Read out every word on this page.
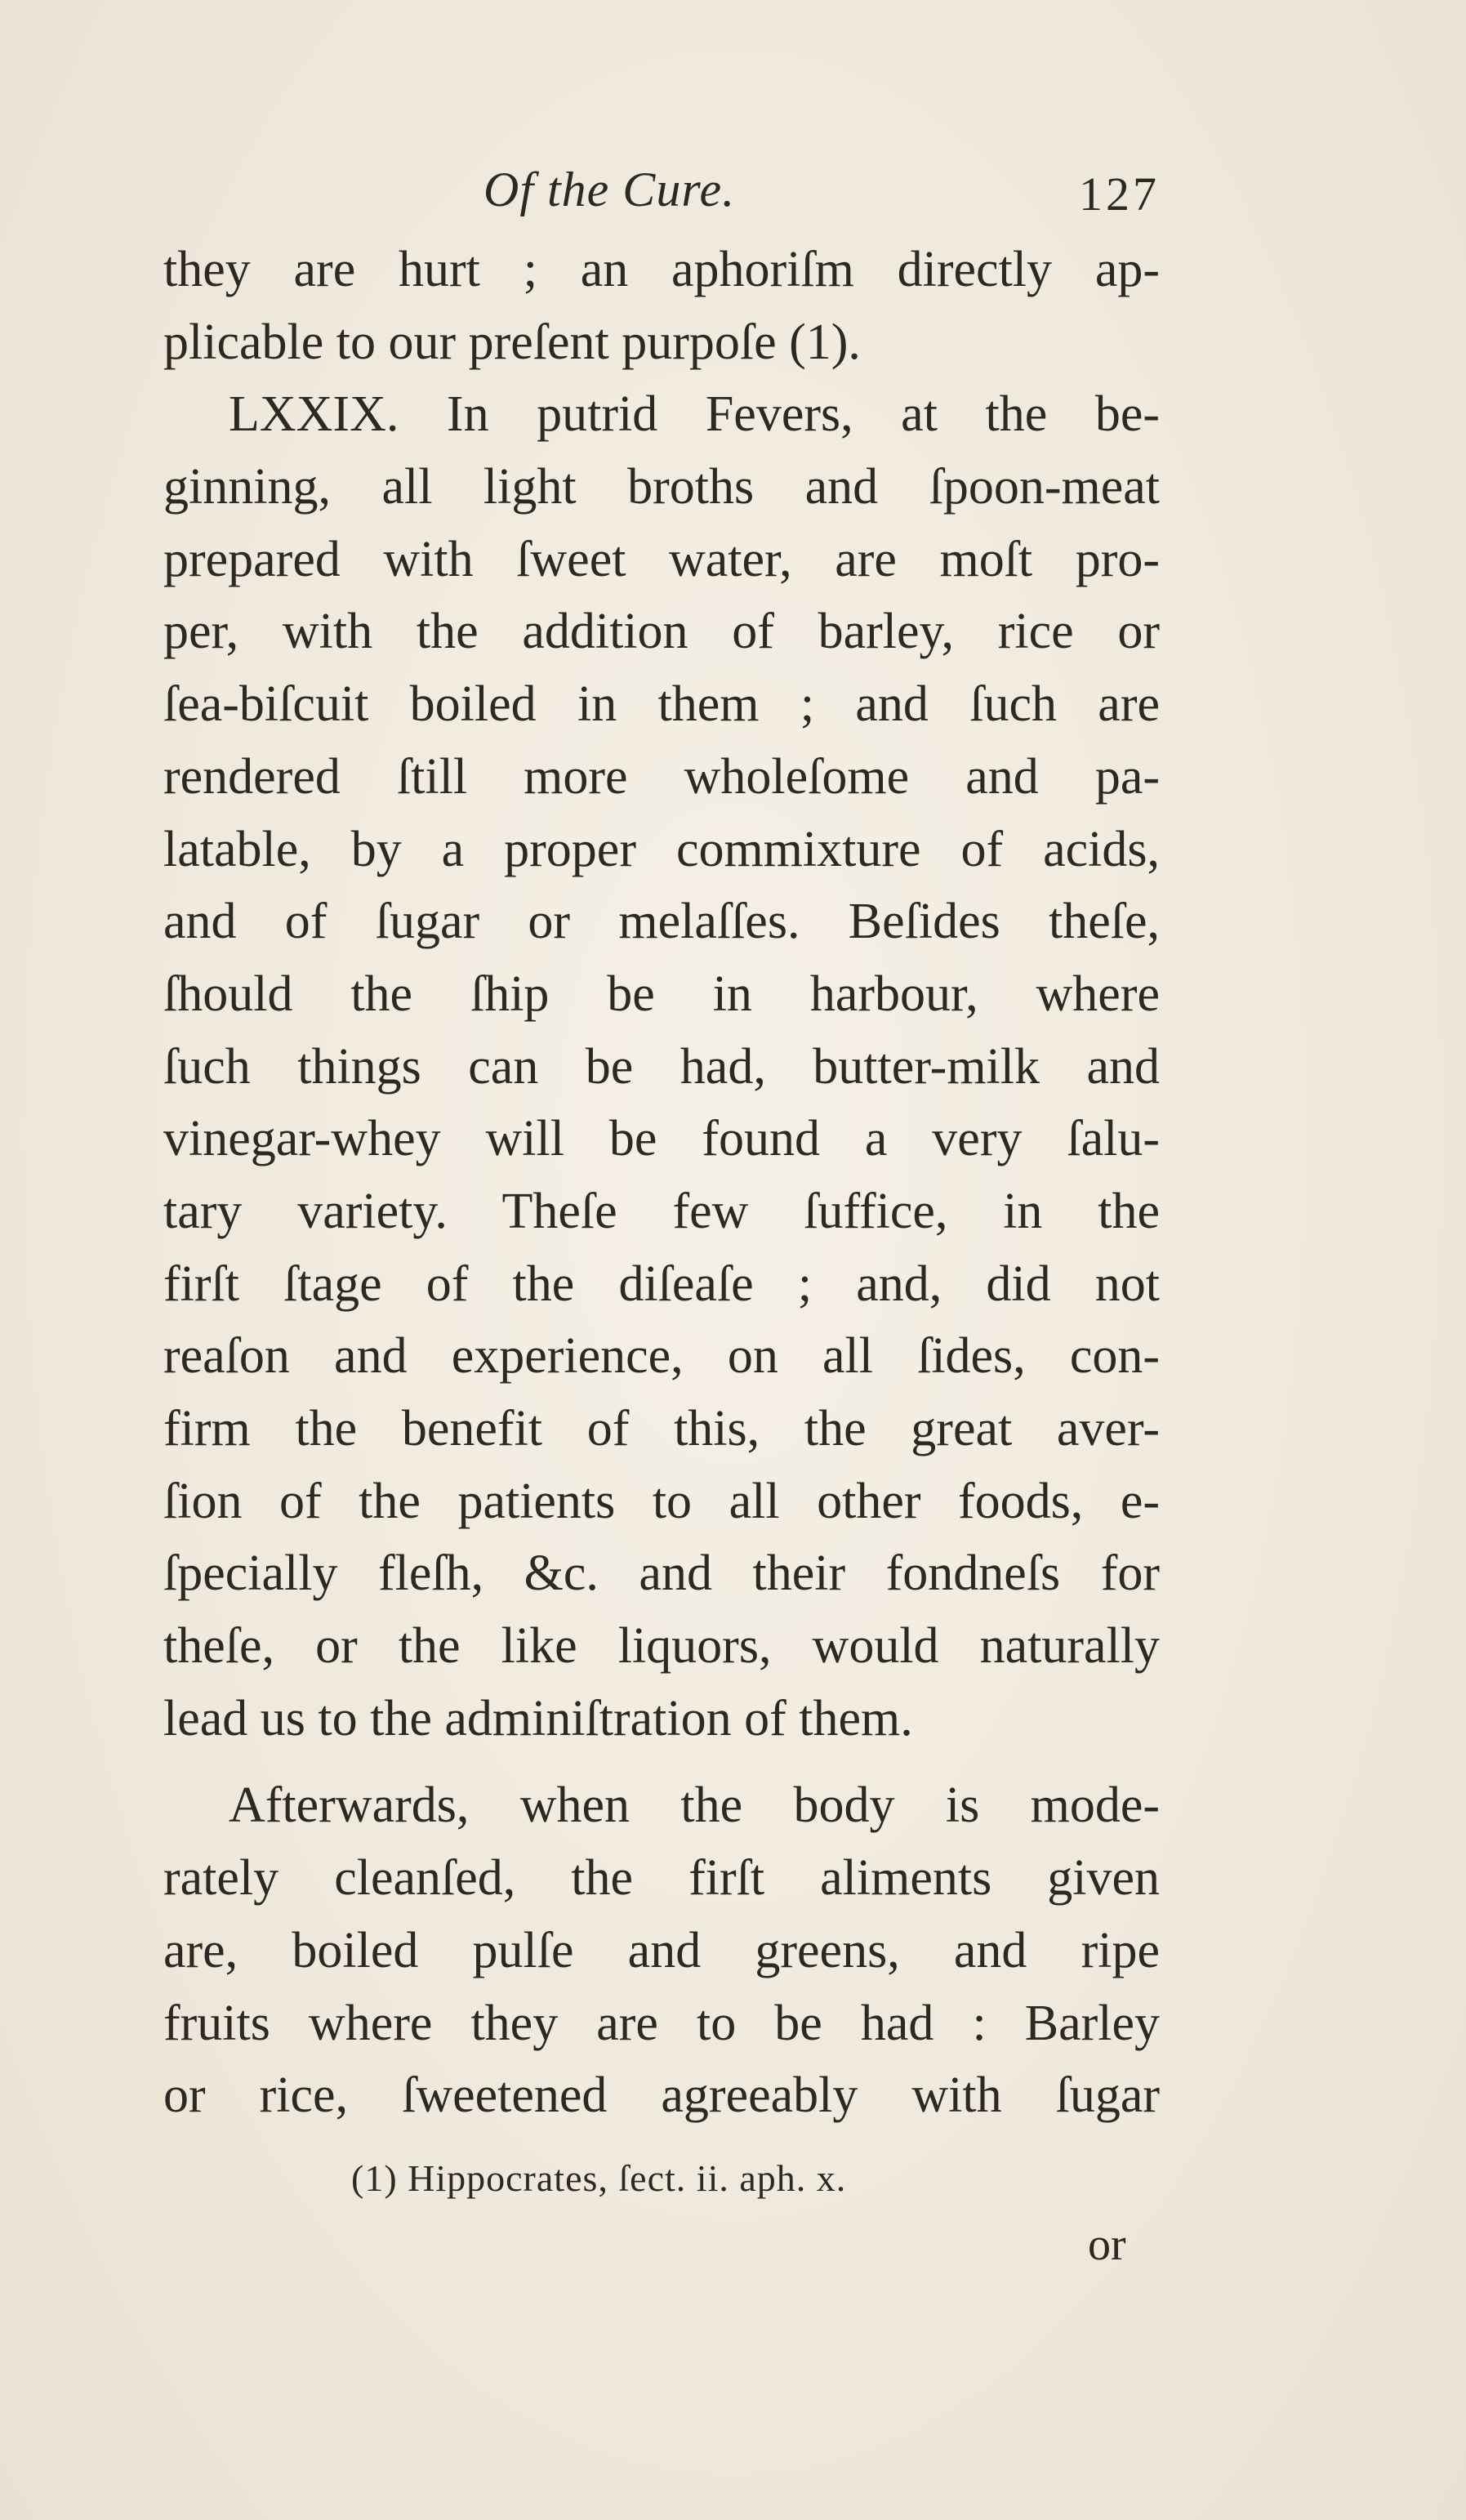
Of the Cure.	127
they are hurt ; an aphoriſm directly ap-
plicable to our preſent purpoſe (1).
LXXIX. In putrid Fevers, at the be-
ginning, all light broths and ſpoon-meat
prepared with ſweet water, are moſt pro-
per, with the addition of barley, rice or
ſea-biſcuit boiled in them ; and ſuch are
rendered ſtill more wholeſome and pa-
latable, by a proper commixture of acids,
and of ſugar or melaſſes. Beſides theſe,
ſhould the ſhip be in harbour, where
ſuch things can be had, butter-milk and
vinegar-whey will be found a very ſalu-
tary variety. Theſe few ſuffice, in the
firſt ſtage of the diſeaſe ; and, did not
reaſon and experience, on all ſides, con-
firm the benefit of this, the great aver-
ſion of the patients to all other foods, e-
ſpecially fleſh, &c. and their fondneſs for
theſe, or the like liquors, would naturally
lead us to the adminiſtration of them.
Afterwards, when the body is mode-
rately cleanſed, the firſt aliments given
are, boiled pulſe and greens, and ripe
fruits where they are to be had : Barley
or rice, ſweetened agreeably with ſugar
(1) Hippocrates, ſect. ii. aph. x.
or
